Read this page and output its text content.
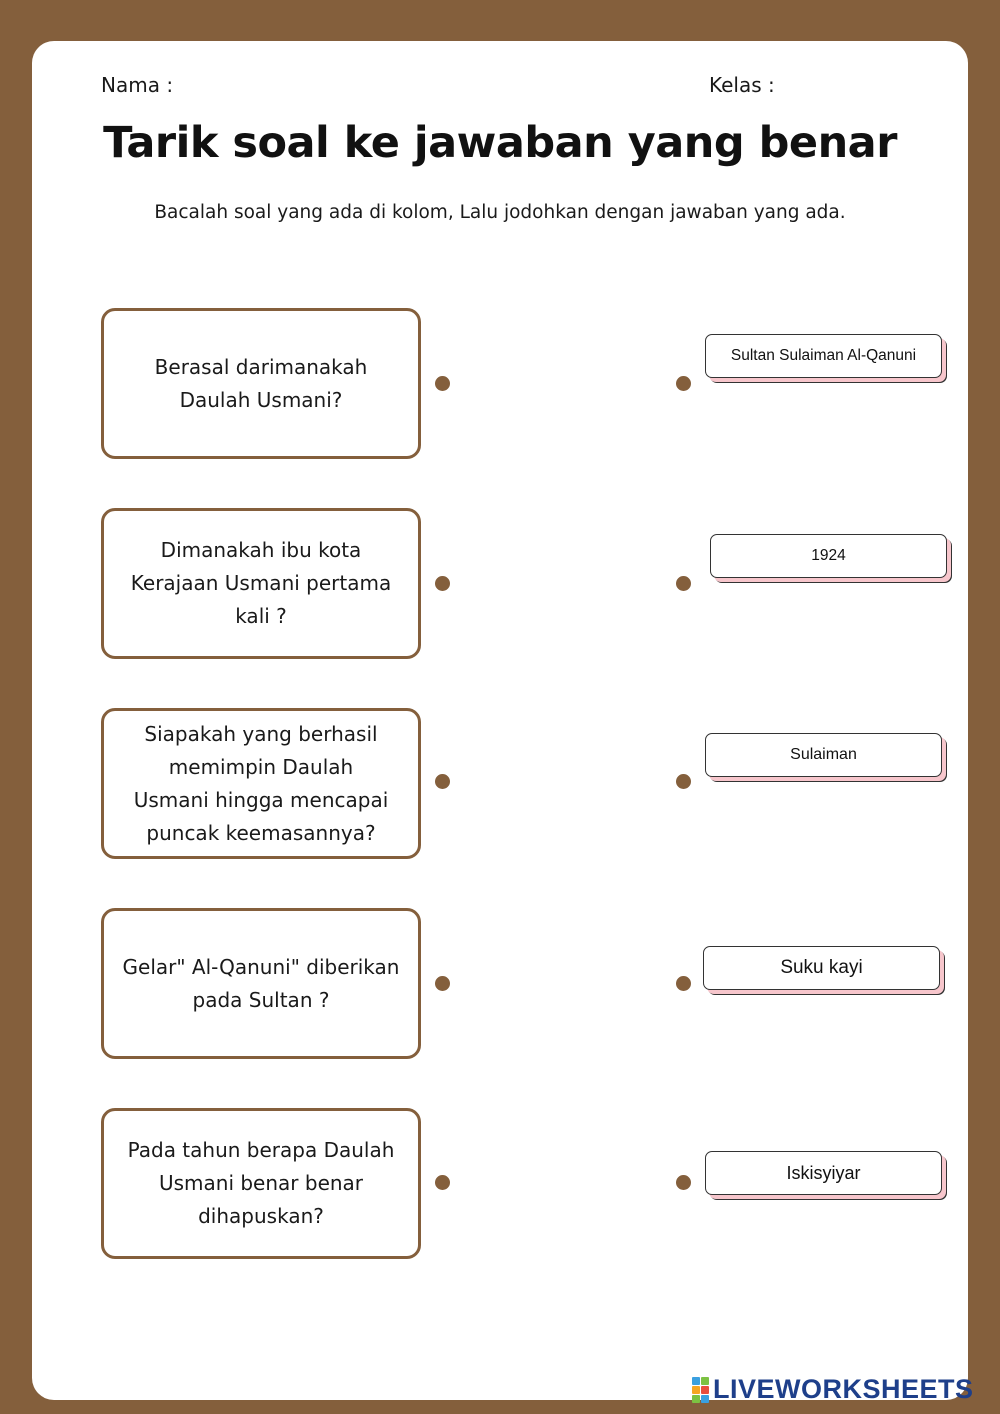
Nama :	Kelas :
Tarik soal ke jawaban yang benar
Bacalah soal yang ada di kolom, Lalu jodohkan dengan jawaban yang ada.
Berasal darimanakah Daulah Usmani?
Dimanakah ibu kota Kerajaan Usmani pertama kali ?
Siapakah yang berhasil memimpin Daulah Usmani hingga mencapai puncak keemasannya?
Gelar" Al-Qanuni" diberikan pada Sultan ?
Pada tahun berapa Daulah Usmani benar benar dihapuskan?
Sultan Sulaiman Al-Qanuni
1924
Sulaiman
Suku kayi
Iskisyiyar
LIVEWORKSHEETS
